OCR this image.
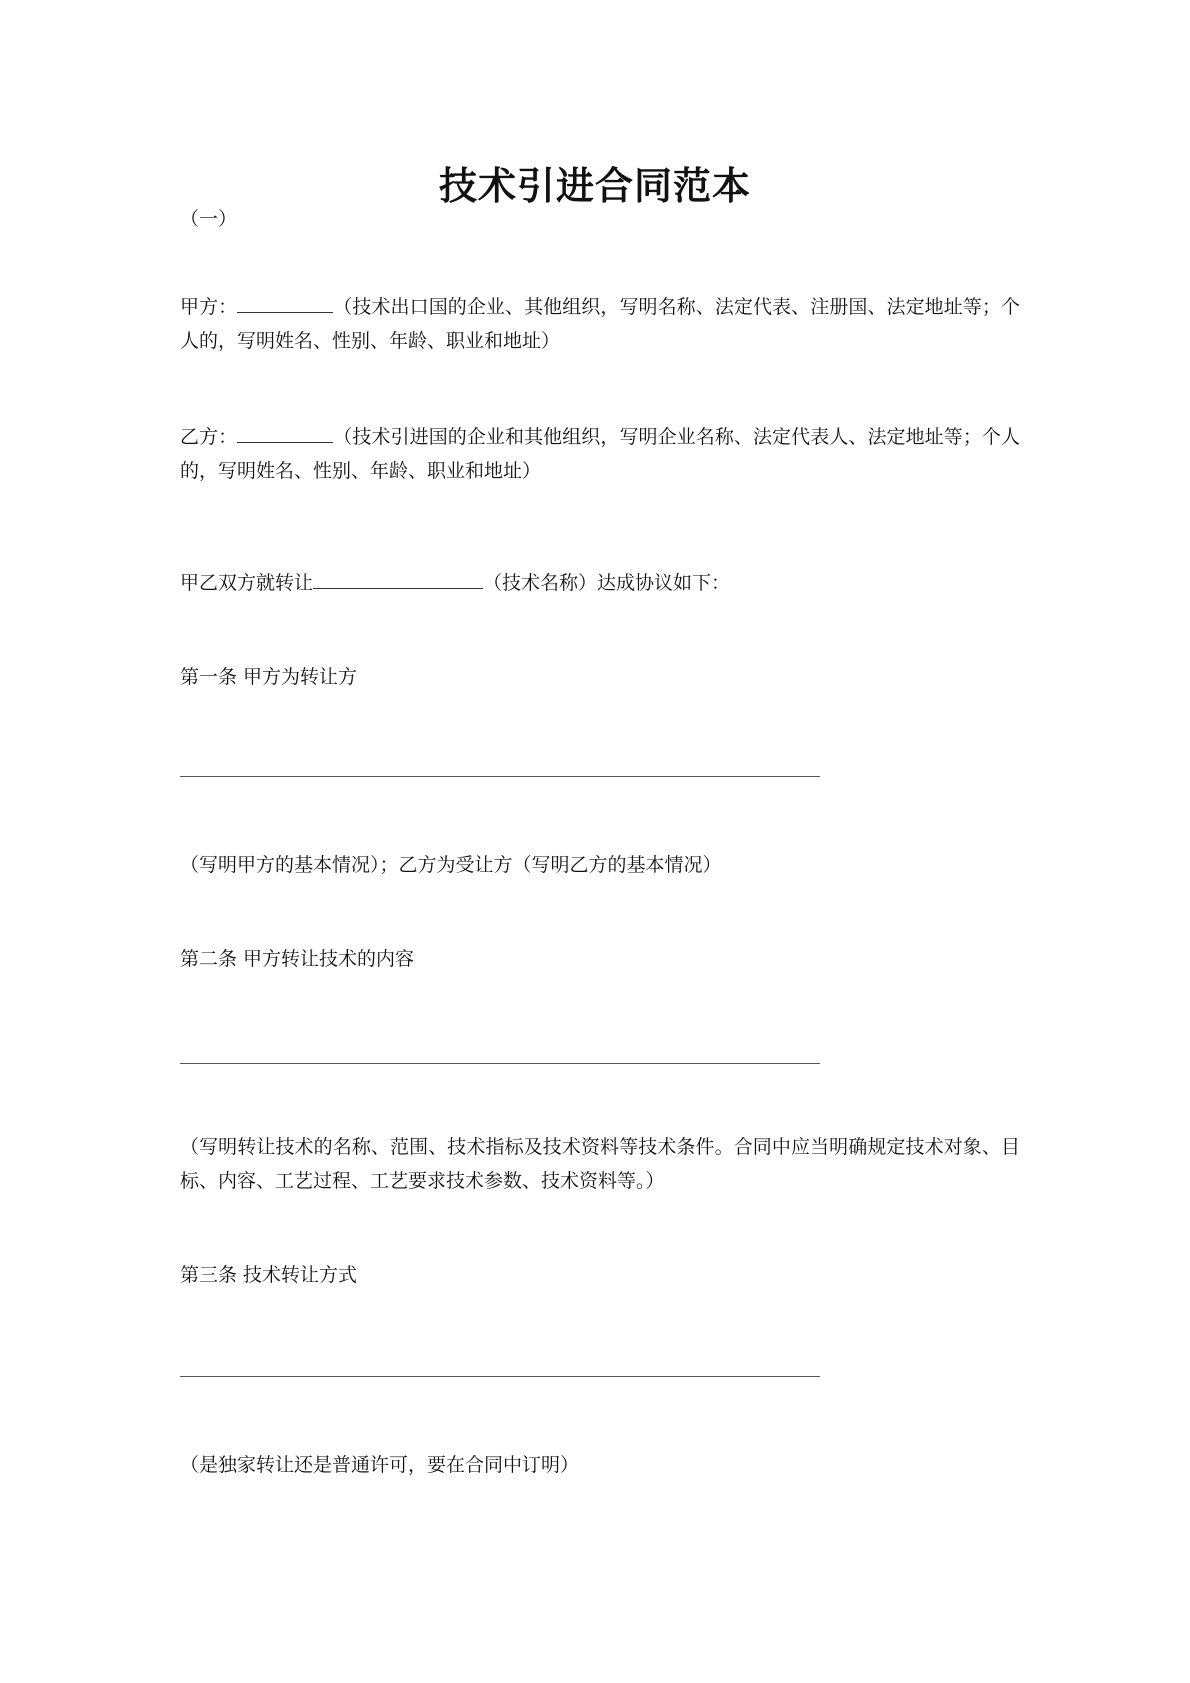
技术引进合同范本
（一）
甲方：	（技术出口国的企业、其他组织，写明名称、法定代表、注册国、法定地址等；个人的，写明姓名、性别、年龄、职业和地址）
乙方：	（技术引进国的企业和其他组织，写明企业名称、法定代表人、法定地址等；个人的，写明姓名、性别、年龄、职业和地址）
甲乙双方就转让	（技术名称）达成协议如下：
第一条 甲方为转让方
（写明甲方的基本情况）；乙方为受让方（写明乙方的基本情况）
第二条 甲方转让技术的内容
（写明转让技术的名称、范围、技术指标及技术资料等技术条件。合同中应当明确规定技术对象、目标、内容、工艺过程、工艺要求技术参数、技术资料等。）
第三条 技术转让方式
（是独家转让还是普通许可，要在合同中订明）
